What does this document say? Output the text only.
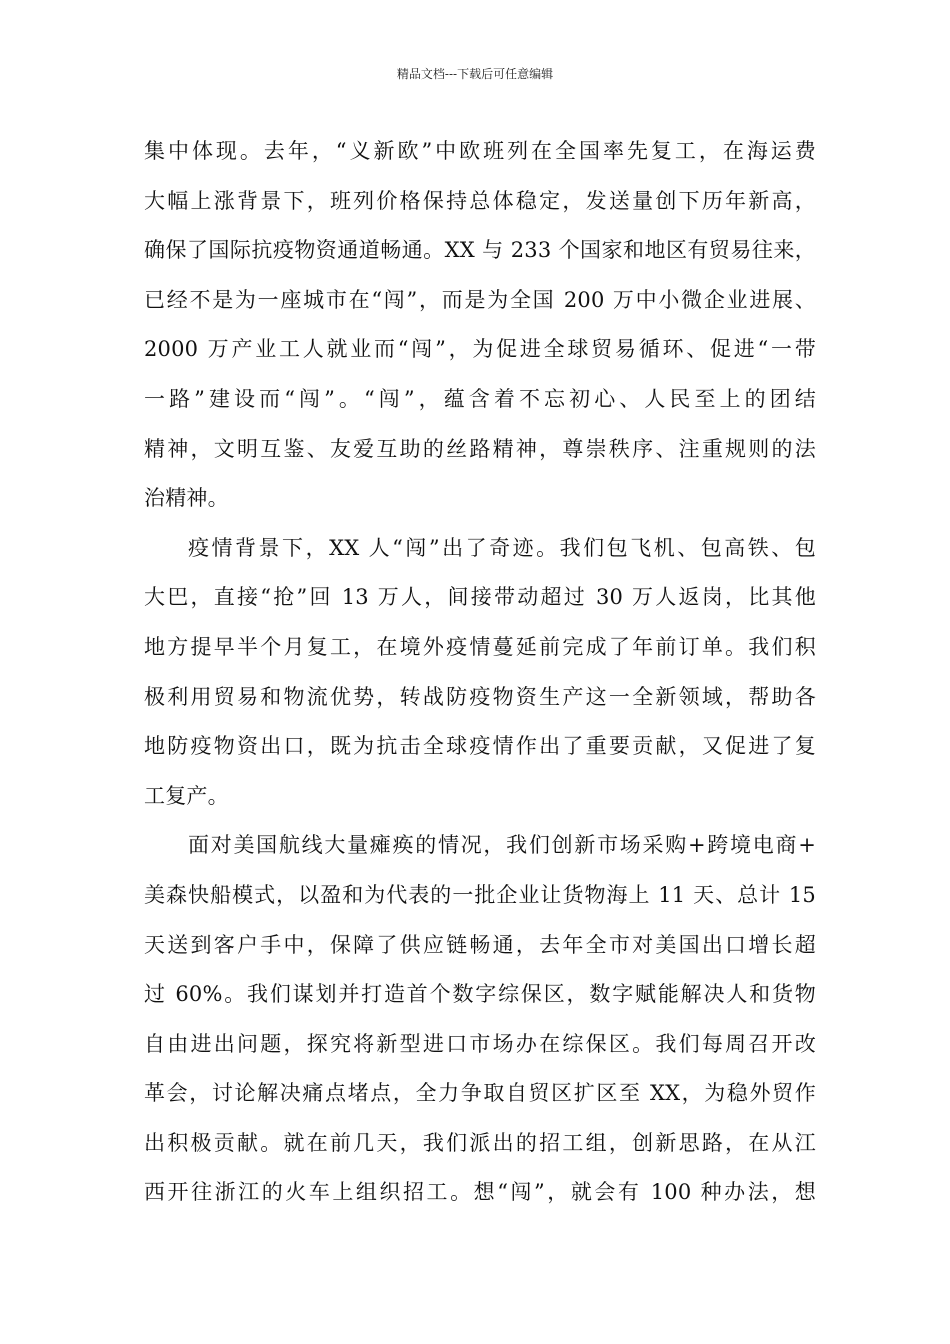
精品文档---下载后可任意编辑
集中体现。去年，“义新欧”中欧班列在全国率先复工，在海运费
大幅上涨背景下，班列价格保持总体稳定，发送量创下历年新高，
确保了国际抗疫物资通道畅通。XX 与 233 个国家和地区有贸易往来，
已经不是为一座城市在“闯”，而是为全国 200 万中小微企业进展、
2000 万产业工人就业而“闯”，为促进全球贸易循环、促进“一带
一路”建设而“闯”。“闯”，蕴含着不忘初心、人民至上的团结
精神，文明互鉴、友爱互助的丝路精神，尊崇秩序、注重规则的法
治精神。
疫情背景下，XX 人“闯”出了奇迹。我们包飞机、包高铁、包
大巴，直接“抢”回 13 万人，间接带动超过 30 万人返岗，比其他
地方提早半个月复工，在境外疫情蔓延前完成了年前订单。我们积
极利用贸易和物流优势，转战防疫物资生产这一全新领域，帮助各
地防疫物资出口，既为抗击全球疫情作出了重要贡献，又促进了复
工复产。
面对美国航线大量瘫痪的情况，我们创新市场采购+跨境电商+
美森快船模式，以盈和为代表的一批企业让货物海上 11 天、总计 15
天送到客户手中，保障了供应链畅通，去年全市对美国出口增长超
过 60%。我们谋划并打造首个数字综保区，数字赋能解决人和货物
自由进出问题，探究将新型进口市场办在综保区。我们每周召开改
革会，讨论解决痛点堵点，全力争取自贸区扩区至 XX，为稳外贸作
出积极贡献。就在前几天，我们派出的招工组，创新思路，在从江
西开往浙江的火车上组织招工。想“闯”，就会有 100 种办法，想
